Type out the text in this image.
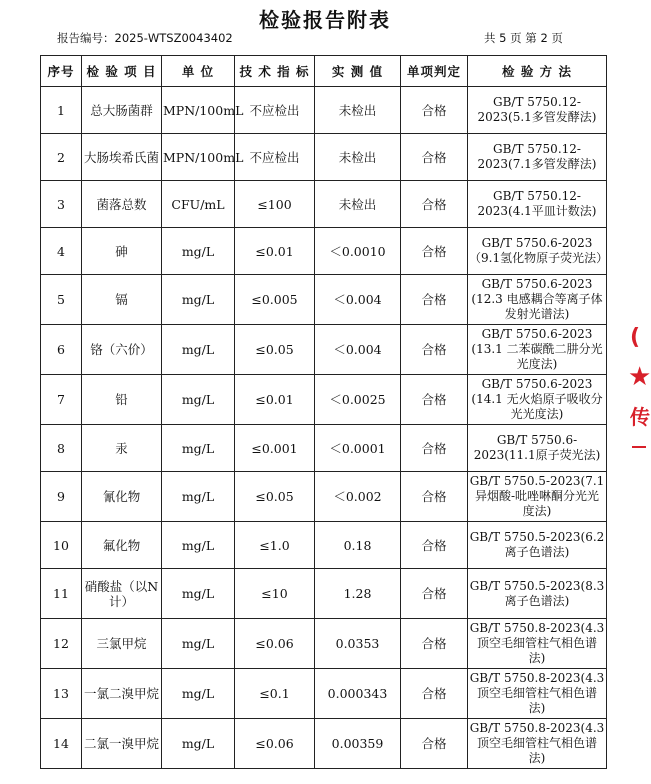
检验报告附表
报告编号：2025-WTSZ0043402	共 5 页 第 2 页
序号	检 验 项 目	单 位	技 术 指 标	实 测 值	单项判定	检 验 方 法
1	总大肠菌群	MPN/100mL	不应检出	未检出	合格	GB/T 5750.12-2023(5.1多管发酵法)
2	大肠埃希氏菌	MPN/100mL	不应检出	未检出	合格	GB/T 5750.12-2023(7.1多管发酵法)
3	菌落总数	CFU/mL	≤100	未检出	合格	GB/T 5750.12-2023(4.1平皿计数法)
4	砷	mg/L	≤0.01	＜0.0010	合格	GB/T 5750.6-2023 （9.1氢化物原子荧光法）
5	镉	mg/L	≤0.005	＜0.004	合格	GB/T 5750.6-2023 (12.3 电感耦合等离子体发射光谱法)
6	铬（六价）	mg/L	≤0.05	＜0.004	合格	GB/T 5750.6-2023 (13.1 二苯碳酰二肼分光光度法)
7	铅	mg/L	≤0.01	＜0.0025	合格	GB/T 5750.6-2023 (14.1 无火焰原子吸收分光光度法)
8	汞	mg/L	≤0.001	＜0.0001	合格	GB/T 5750.6-2023(11.1原子荧光法)
9	氰化物	mg/L	≤0.05	＜0.002	合格	GB/T 5750.5-2023(7.1异烟酸-吡唑啉酮分光光度法)
10	氟化物	mg/L	≤1.0	0.18	合格	GB/T 5750.5-2023(6.2离子色谱法)
11	硝酸盐（以N计）	mg/L	≤10	1.28	合格	GB/T 5750.5-2023(8.3离子色谱法)
12	三氯甲烷	mg/L	≤0.06	0.0353	合格	GB/T 5750.8-2023(4.3顶空毛细管柱气相色谱法)
13	一氯二溴甲烷	mg/L	≤0.1	0.000343	合格	GB/T 5750.8-2023(4.3顶空毛细管柱气相色谱法)
14	二氯一溴甲烷	mg/L	≤0.06	0.00359	合格	GB/T 5750.8-2023(4.3顶空毛细管柱气相色谱法)
(
★
传
